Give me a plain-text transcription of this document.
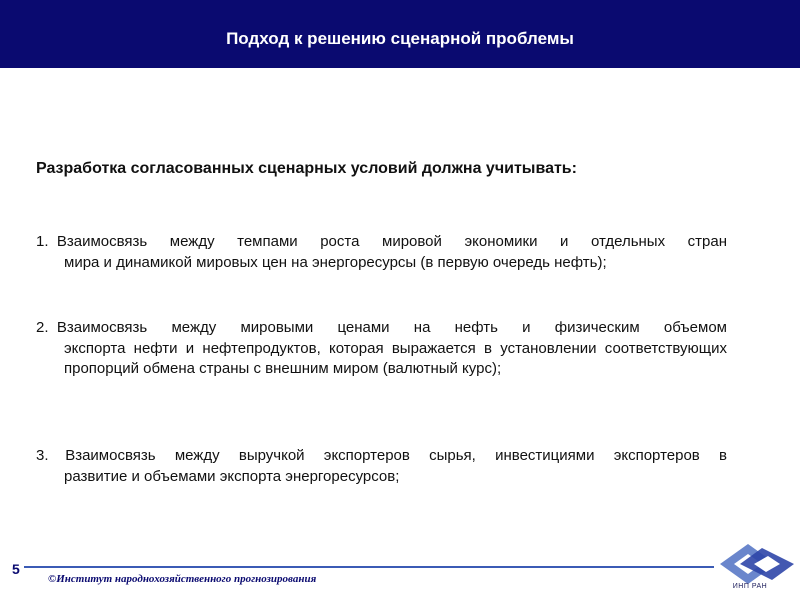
Подход к решению сценарной проблемы
Разработка согласованных сценарных условий должна учитывать:
1. Взаимосвязь между темпами роста мировой экономики и отдельных стран
мира и динамикой мировых цен на энергоресурсы (в первую очередь нефть);
2. Взаимосвязь между мировыми ценами на нефть и физическим объемом
экспорта нефти и нефтепродуктов, которая выражается в установлении соответствующих пропорций обмена страны с внешним миром (валютный курс);
3. Взаимосвязь между выручкой экспортеров сырья, инвестициями экспортеров в
развитие и объемами экспорта энергоресурсов;
5
©Институт народнохозяйственного прогнозирования
ИНП РАН
